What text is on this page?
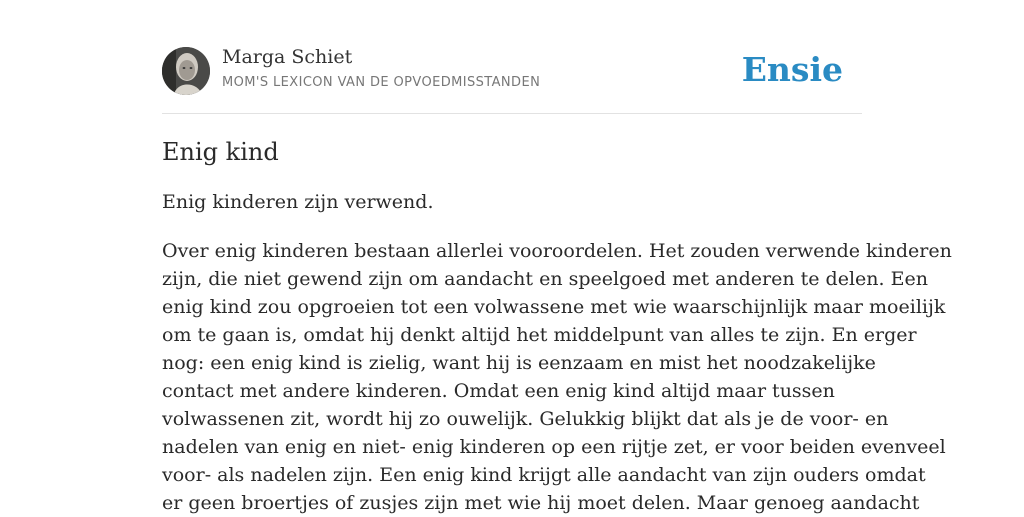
Marga Schiet
MOM'S LEXICON VAN DE OPVOEDMISSTANDEN	Ensie
Enig kind

Enig kinderen zijn verwend.

Over enig kinderen bestaan allerlei vooroordelen. Het zouden verwende kinderen
zijn, die niet gewend zijn om aandacht en speelgoed met anderen te delen. Een
enig kind zou opgroeien tot een volwassene met wie waarschijnlijk maar moeilijk
om te gaan is, omdat hij denkt altijd het middelpunt van alles te zijn. En erger
nog: een enig kind is zielig, want hij is eenzaam en mist het noodzakelijke
contact met andere kinderen. Omdat een enig kind altijd maar tussen
volwassenen zit, wordt hij zo ouwelijk. Gelukkig blijkt dat als je de voor- en
nadelen van enig en niet- enig kinderen op een rijtje zet, er voor beiden evenveel
voor- als nadelen zijn. Een enig kind krijgt alle aandacht van zijn ouders omdat
er geen broertjes of zusjes zijn met wie hij moet delen. Maar genoeg aandacht
